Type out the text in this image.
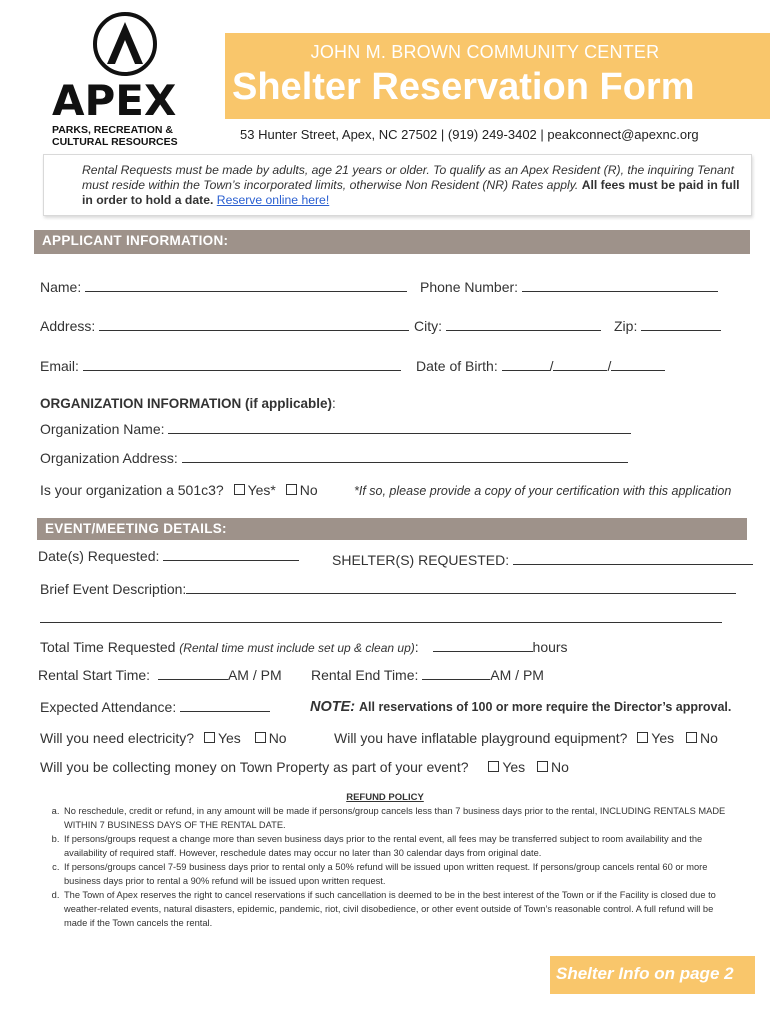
APEX
PARKS, RECREATION &
CULTURAL RESOURCES
JOHN M. BROWN COMMUNITY CENTER
Shelter Reservation Form
53 Hunter Street, Apex, NC 27502 | (919) 249-3402 | peakconnect@apexnc.org
Rental Requests must be made by adults, age 21 years or older. To qualify as an Apex Resident (R), the inquiring Tenant must reside within the Town’s incorporated limits, otherwise Non Resident (NR) Rates apply. All fees must be paid in full in order to hold a date. Reserve online here!
APPLICANT INFORMATION:
Name:	Phone Number:
Address:	City:	Zip:
Email:	Date of Birth:	/	/
ORGANIZATION INFORMATION (if applicable):
Organization Name:
Organization Address:
Is your organization a 501c3? Yes* No	*If so, please provide a copy of your certification with this application
EVENT/MEETING DETAILS:
Date(s) Requested:	SHELTER(S) REQUESTED:
Brief Event Description:
Total Time Requested (Rental time must include set up & clean up):	hours
Rental Start Time:	AM / PM Rental End Time:	AM / PM
Expected Attendance:	NOTE: All reservations of 100 or more require the Director’s approval.
Will you need electricity? Yes No	Will you have inflatable playground equipment? Yes No
Will you be collecting money on Town Property as part of your event? Yes No
REFUND POLICY
a. No reschedule, credit or refund, in any amount will be made if persons/group cancels less than 7 business days prior to the rental, INCLUDING RENTALS MADE WITHIN 7 BUSINESS DAYS OF THE RENTAL DATE.
b. If persons/groups request a change more than seven business days prior to the rental event, all fees may be transferred subject to room availability and the availability of required staff. However, reschedule dates may occur no later than 30 calendar days from original date.
c. If persons/groups cancel 7-59 business days prior to rental only a 50% refund will be issued upon written request. If persons/group cancels rental 60 or more business days prior to rental a 90% refund will be issued upon written request.
d. The Town of Apex reserves the right to cancel reservations if such cancellation is deemed to be in the best interest of the Town or if the Facility is closed due to weather-related events, natural disasters, epidemic, pandemic, riot, civil disobedience, or other event outside of Town’s reasonable control. A full refund will be made if the Town cancels the rental.
Shelter Info on page 2
